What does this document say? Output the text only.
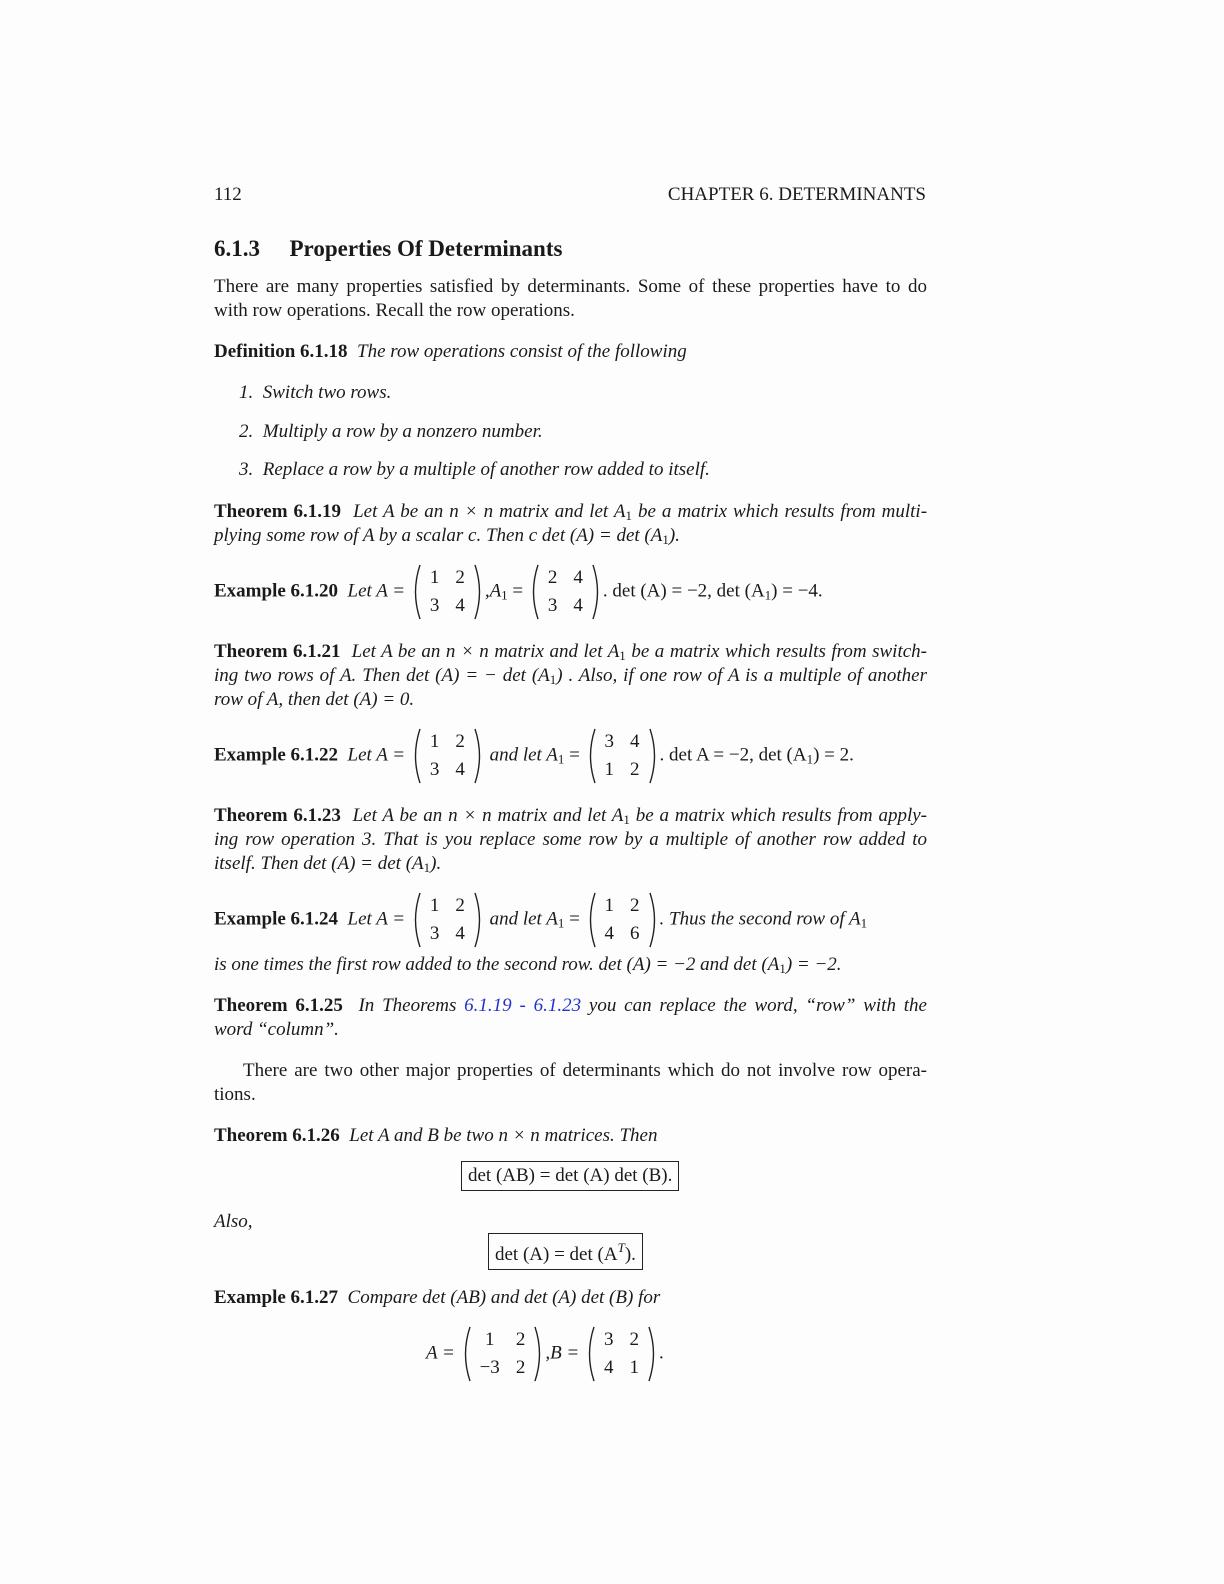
112	CHAPTER 6. DETERMINANTS
6.1.3 Properties Of Determinants
There are many properties satisfied by determinants. Some of these properties have to do
with row operations. Recall the row operations.
Definition 6.1.18 The row operations consist of the following
1. Switch two rows.
2. Multiply a row by a nonzero number.
3. Replace a row by a multiple of another row added to itself.
Theorem 6.1.19 Let A be an n × n matrix and let $A_1$ be a matrix which results from multi-
plying some row of A by a scalar c. Then c $\det (A) = \det (A_1)$.
Example 6.1.20 Let A =
1	2
3	4
$,A_1$ =
2	4
3	4
. det (A) = −2, $\det (A_1) = -4$.
Theorem 6.1.21 Let A be an n × n matrix and let $A_1$ be a matrix which results from switch-
ing two rows of A. Then det (A) = − $\det (A_1)$ . Also, if one row of A is a multiple of another
row of A, then det (A) = 0.
Example 6.1.22 Let A =
1	2
3	4
and let $A_1$ =
3	4
1	2
. det A = −2, $\det (A_1) = 2$.
Theorem 6.1.23 Let A be an n × n matrix and let $A_1$ be a matrix which results from apply-
ing row operation 3. That is you replace some row by a multiple of another row added to
itself. Then $\det (A) = \det (A_1)$.
Example 6.1.24 Let A =
1	2
3	4
and let $A_1$ =
1	2
4	6
. Thus the second row of $A_1$
is one times the first row added to the second row. det (A) = −2 and $\det (A_1) = -2$.
Theorem 6.1.25 In Theorems 6.1.19 - 6.1.23 you can replace the word, “row” with the
word “column”.
There are two other major properties of determinants which do not involve row opera-
tions.
Theorem 6.1.26 Let A and B be two n × n matrices. Then
det (AB) = det (A) det (B).
Also,
$\det (A) = \det (A^T)$.
Example 6.1.27 Compare det (AB) and det (A) det (B) for
A =
1	2
−3	2
,B =
3	2
4	1
.
